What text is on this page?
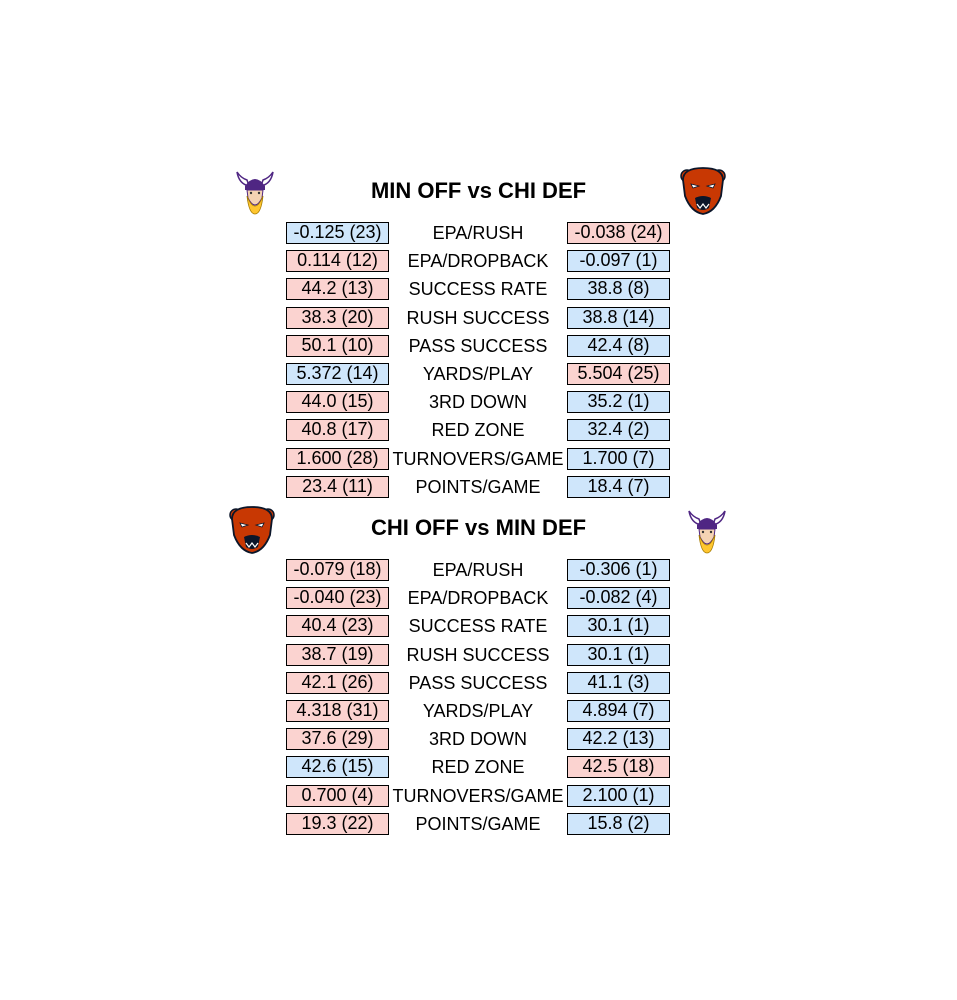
MIN OFF vs CHI DEF
-0.125 (23)	EPA/RUSH	-0.038 (24)
0.114 (12)	EPA/DROPBACK	-0.097 (1)
44.2 (13)	SUCCESS RATE	38.8 (8)
38.3 (20)	RUSH SUCCESS	38.8 (14)
50.1 (10)	PASS SUCCESS	42.4 (8)
5.372 (14)	YARDS/PLAY	5.504 (25)
44.0 (15)	3RD DOWN	35.2 (1)
40.8 (17)	RED ZONE	32.4 (2)
1.600 (28) TURNOVERS/GAME	1.700 (7)
23.4 (11)	POINTS/GAME	18.4 (7)
CHI OFF vs MIN DEF
-0.079 (18)	EPA/RUSH	-0.306 (1)
-0.040 (23)	EPA/DROPBACK	-0.082 (4)
40.4 (23)	SUCCESS RATE	30.1 (1)
38.7 (19)	RUSH SUCCESS	30.1 (1)
42.1 (26)	PASS SUCCESS	41.1 (3)
4.318 (31)	YARDS/PLAY	4.894 (7)
37.6 (29)	3RD DOWN	42.2 (13)
42.6 (15)	RED ZONE	42.5 (18)
0.700 (4)	TURNOVERS/GAME	2.100 (1)
19.3 (22)	POINTS/GAME	15.8 (2)
